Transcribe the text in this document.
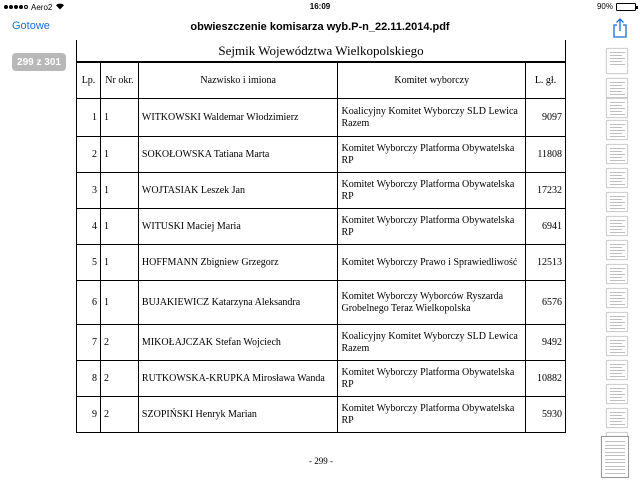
Aero2	16:09	90%
Gotowe	obwieszczenie komisarza wyb.P-n_22.11.2014.pdf
299 z 301
Sejmik Województwa Wielkopolskiego
Lp.	Nr okr.	Nazwisko i imiona	Komitet wyborczy	L. gł.
1	1	WITKOWSKI Waldemar Włodzimierz	Koalicyjny Komitet Wyborczy SLD Lewica Razem	9097
2	1	SOKOŁOWSKA Tatiana Marta	Komitet Wyborczy Platforma Obywatelska RP	11808
3	1	WOJTASIAK Leszek Jan	Komitet Wyborczy Platforma Obywatelska RP	17232
4	1	WITUSKI Maciej Maria	Komitet Wyborczy Platforma Obywatelska RP	6941
5	1	HOFFMANN Zbigniew Grzegorz	Komitet Wyborczy Prawo i Sprawiedliwość	12513
6	1	BUJAKIEWICZ Katarzyna Aleksandra	Komitet Wyborczy Wyborców Ryszarda Grobelnego Teraz Wielkopolska	6576
7	2	MIKOŁAJCZAK Stefan Wojciech	Koalicyjny Komitet Wyborczy SLD Lewica Razem	9492
8	2	RUTKOWSKA-KRUPKA Mirosława Wanda	Komitet Wyborczy Platforma Obywatelska RP	10882
9	2	SZOPIŃSKI Henryk Marian	Komitet Wyborczy Platforma Obywatelska RP	5930
- 299 -
